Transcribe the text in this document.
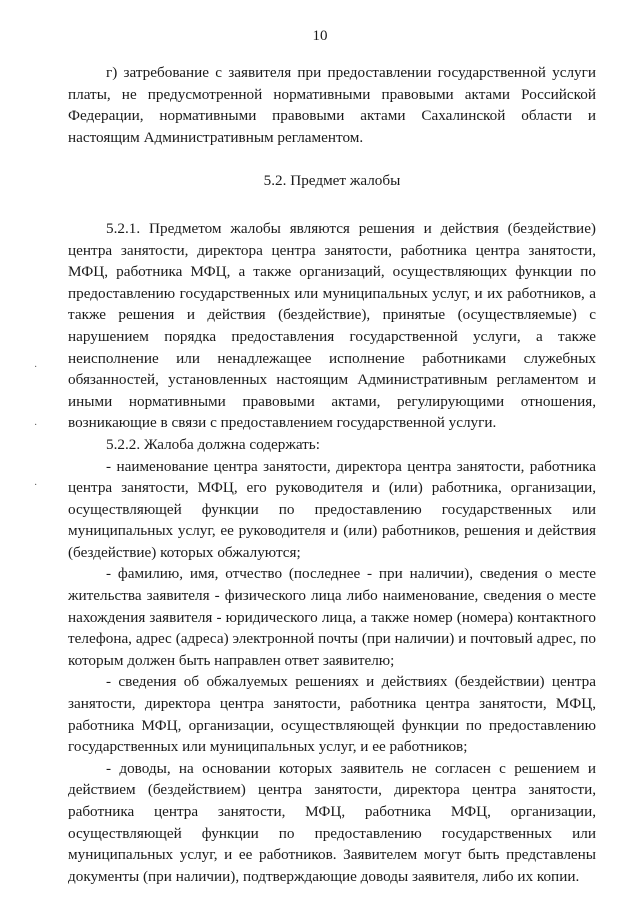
10

г) затребование с заявителя при предоставлении государственной услуги платы, не предусмотренной нормативными правовыми актами Российской Федерации, нормативными правовыми актами Сахалинской области и настоящим Административным регламентом.

5.2. Предмет жалобы

5.2.1. Предметом жалобы являются решения и действия (бездействие) центра занятости, директора центра занятости, работника центра занятости, МФЦ, работника МФЦ, а также организаций, осуществляющих функции по предоставлению государственных или муниципальных услуг, и их работников, а также решения и действия (бездействие), принятые (осуществляемые) с нарушением порядка предоставления государственной услуги, а также неисполнение или ненадлежащее исполнение работниками служебных обязанностей, установленных настоящим Административным регламентом и иными нормативными правовыми актами, регулирующими отношения, возникающие в связи с предоставлением государственной услуги.

5.2.2. Жалоба должна содержать:

- наименование центра занятости, директора центра занятости, работника центра занятости, МФЦ, его руководителя и (или) работника, организации, осуществляющей функции по предоставлению государственных или муниципальных услуг, ее руководителя и (или) работников, решения и действия (бездействие) которых обжалуются;

- фамилию, имя, отчество (последнее - при наличии), сведения о месте жительства заявителя - физического лица либо наименование, сведения о месте нахождения заявителя - юридического лица, а также номер (номера) контактного телефона, адрес (адреса) электронной почты (при наличии) и почтовый адрес, по которым должен быть направлен ответ заявителю;

- сведения об обжалуемых решениях и действиях (бездействии) центра занятости, директора центра занятости, работника центра занятости, МФЦ, работника МФЦ, организации, осуществляющей функции по предоставлению государственных или муниципальных услуг, и ее работников;

- доводы, на основании которых заявитель не согласен с решением и действием (бездействием) центра занятости, директора центра занятости, работника центра занятости, МФЦ, работника МФЦ, организации, осуществляющей функции по предоставлению государственных или муниципальных услуг, и ее работников. Заявителем могут быть представлены документы (при наличии), подтверждающие доводы заявителя, либо их копии.

·
·
·
